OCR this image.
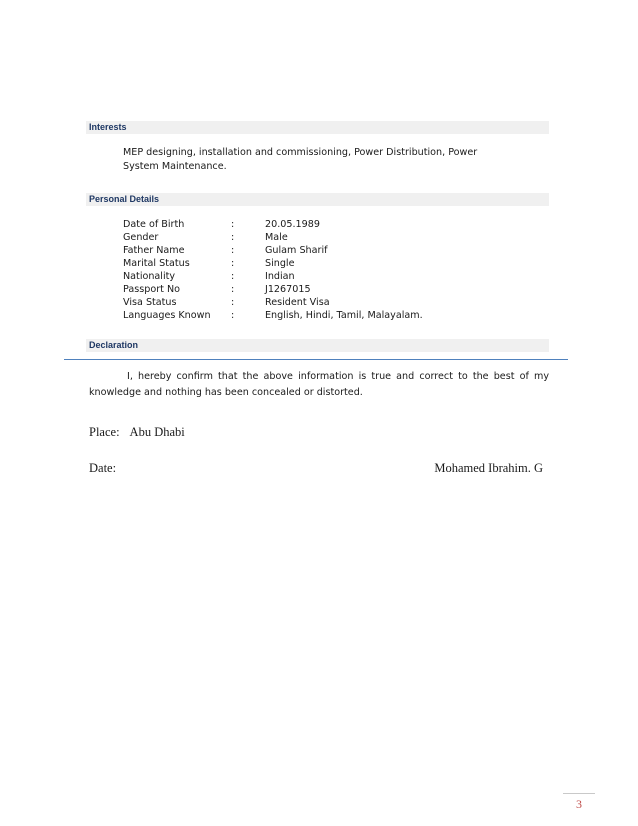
Interests
MEP designing, installation and commissioning, Power Distribution, Power System Maintenance.
Personal Details
Date of Birth	:	20.05.1989
Gender	:	Male
Father Name	:	Gulam Sharif
Marital Status	:	Single
Nationality	:	Indian
Passport No	:	J1267015
Visa Status	:	Resident Visa
Languages Known	:	English, Hindi, Tamil, Malayalam.
Declaration
I, hereby confirm that the above information is true and correct to the best of my knowledge and nothing has been concealed or distorted.
Place: Abu Dhabi
Date:	Mohamed Ibrahim. G
3
